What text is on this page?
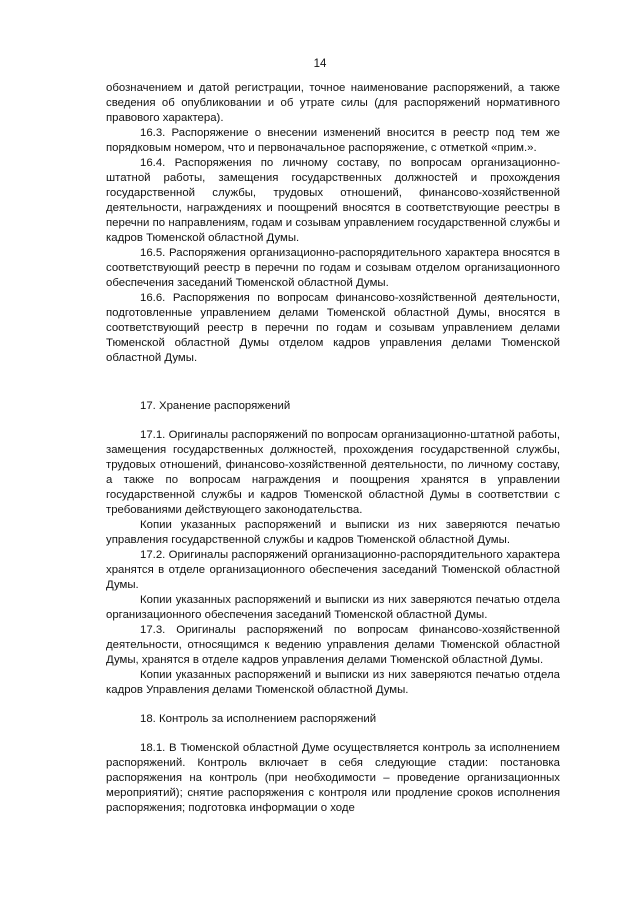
14

обозначением и датой регистрации, точное наименование распоряжений, а также сведения об опубликовании и об утрате силы (для распоряжений нормативного правового характера).

16.3. Распоряжение о внесении изменений вносится в реестр под тем же порядковым номером, что и первоначальное распоряжение, с отметкой «прим.».

16.4. Распоряжения по личному составу, по вопросам организационно-штатной работы, замещения государственных должностей и прохождения государственной службы, трудовых отношений, финансово-хозяйственной деятельности, награждениях и поощрений вносятся в соответствующие реестры в перечни по направлениям, годам и созывам управлением государственной службы и кадров Тюменской областной Думы.

16.5. Распоряжения организационно-распорядительного характера вносятся в соответствующий реестр в перечни по годам и созывам отделом организационного обеспечения заседаний Тюменской областной Думы.

16.6. Распоряжения по вопросам финансово-хозяйственной деятельности, подготовленные управлением делами Тюменской областной Думы, вносятся в соответствующий реестр в перечни по годам и созывам управлением делами Тюменской областной Думы отделом кадров управления делами Тюменской областной Думы.

17. Хранение распоряжений

17.1. Оригиналы распоряжений по вопросам организационно-штатной работы, замещения государственных должностей, прохождения государственной службы, трудовых отношений, финансово-хозяйственной деятельности, по личному составу, а также по вопросам награждения и поощрения хранятся в управлении государственной службы и кадров Тюменской областной Думы в соответствии с требованиями действующего законодательства.

Копии указанных распоряжений и выписки из них заверяются печатью управления государственной службы и кадров Тюменской областной Думы.

17.2. Оригиналы распоряжений организационно-распорядительного характера хранятся в отделе организационного обеспечения заседаний Тюменской областной Думы.

Копии указанных распоряжений и выписки из них заверяются печатью отдела организационного обеспечения заседаний Тюменской областной Думы.

17.3. Оригиналы распоряжений по вопросам финансово-хозяйственной деятельности, относящимся к ведению управления делами Тюменской областной Думы, хранятся в отделе кадров управления делами Тюменской областной Думы.

Копии указанных распоряжений и выписки из них заверяются печатью отдела кадров Управления делами Тюменской областной Думы.

18. Контроль за исполнением распоряжений

18.1. В Тюменской областной Думе осуществляется контроль за исполнением распоряжений. Контроль включает в себя следующие стадии: постановка распоряжения на контроль (при необходимости – проведение организационных мероприятий); снятие распоряжения с контроля или продление сроков исполнения распоряжения; подготовка информации о ходе
